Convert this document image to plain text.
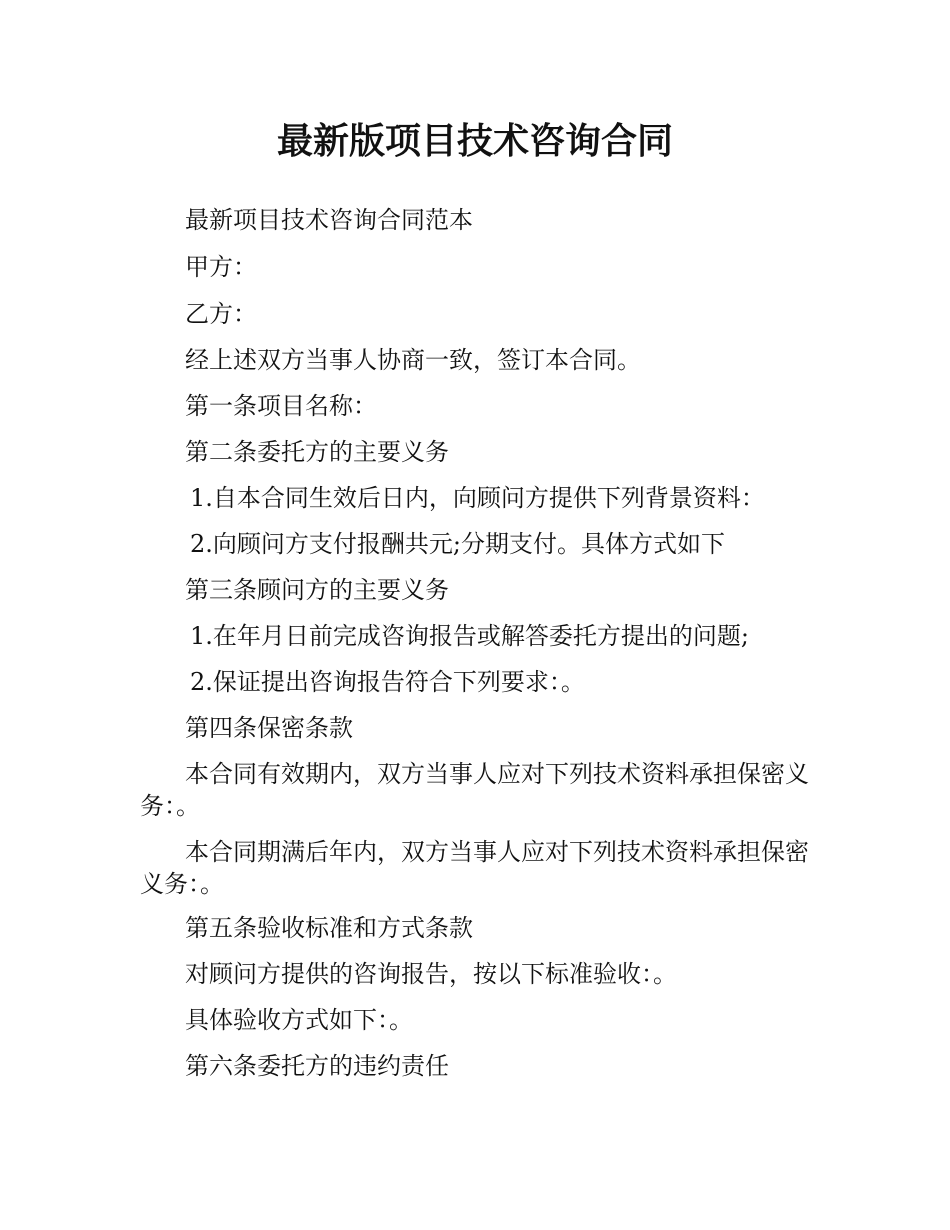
最新版项目技术咨询合同
最新项目技术咨询合同范本
甲方：
乙方：
经上述双方当事人协商一致，签订本合同。
第一条项目名称：
第二条委托方的主要义务
1.自本合同生效后日内，向顾问方提供下列背景资料：
2.向顾问方支付报酬共元;分期支付。具体方式如下
第三条顾问方的主要义务
1.在年月日前完成咨询报告或解答委托方提出的问题;
2.保证提出咨询报告符合下列要求：。
第四条保密条款
本合同有效期内，双方当事人应对下列技术资料承担保密义务：。
本合同期满后年内，双方当事人应对下列技术资料承担保密义务：。
第五条验收标准和方式条款
对顾问方提供的咨询报告，按以下标准验收：。
具体验收方式如下：。
第六条委托方的违约责任
